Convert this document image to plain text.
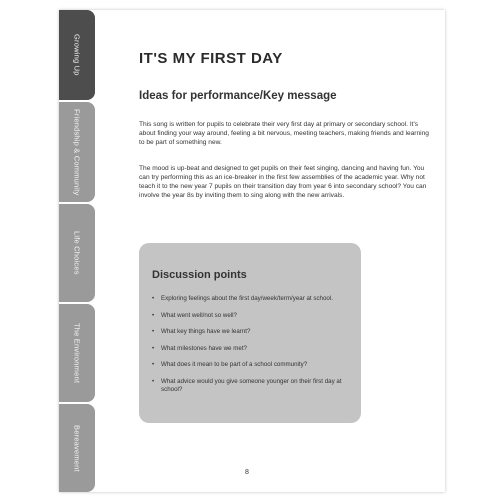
Growing Up
Friendship & Community
Life Choices
The Environment
Bereavement
IT'S MY FIRST DAY
Ideas for performance/Key message

This song is written for pupils to celebrate their very first day at primary or secondary school. It's about finding your way around, feeling a bit nervous, meeting teachers, making friends and learning to be part of something new.

The mood is up-beat and designed to get pupils on their feet singing, dancing and having fun. You can try performing this as an ice-breaker in the first few assemblies of the academic year. Why not teach it to the new year 7 pupils on their transition day from year 6 into secondary school? You can involve the year 8s by inviting them to sing along with the new arrivals.

Discussion points
• Exploring feelings about the first day/week/term/year at school.
• What went well/not so well?
• What key things have we learnt?
• What milestones have we met?
• What does it mean to be part of a school community?
• What advice would you give someone younger on their first day at school?
8
